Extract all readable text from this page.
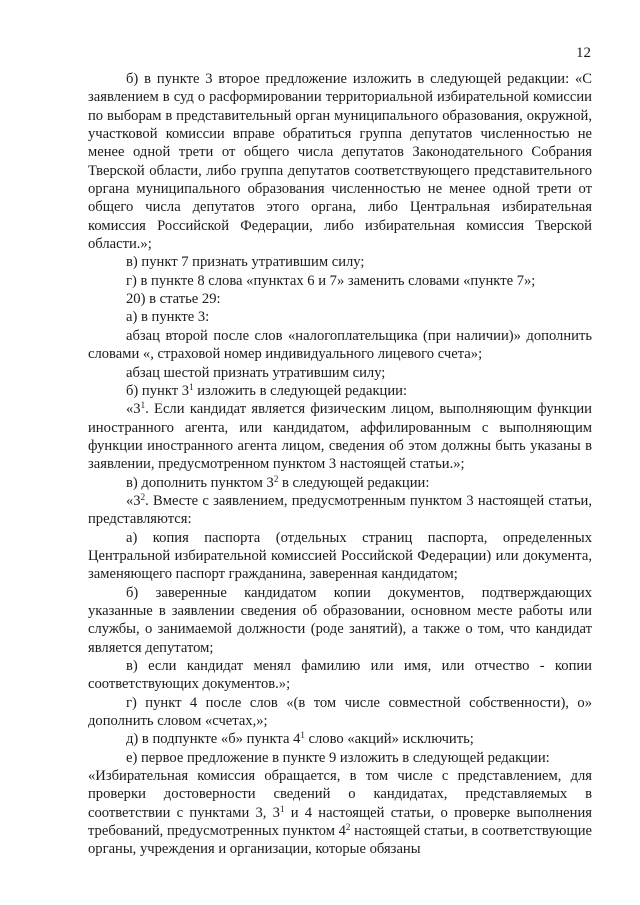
12

б) в пункте 3 второе предложение изложить в следующей редакции: «С заявлением в суд о расформировании территориальной избирательной комиссии по выборам в представительный орган муниципального образования, окружной, участковой комиссии вправе обратиться группа депутатов численностью не менее одной трети от общего числа депутатов Законодательного Собрания Тверской области, либо группа депутатов соответствующего представительного органа муниципального образования численностью не менее одной трети от общего числа депутатов этого органа, либо Центральная избирательная комиссия Российской Федерации, либо избирательная комиссия Тверской области.»;

в) пункт 7 признать утратившим силу;

г) в пункте 8 слова «пунктах 6 и 7» заменить словами «пункте 7»;

20) в статье 29:

а) в пункте 3:

абзац второй после слов «налогоплательщика (при наличии)» дополнить словами «, страховой номер индивидуального лицевого счета»;

абзац шестой признать утратившим силу;

б) пункт $3^1$ изложить в следующей редакции:

«$3^1$. Если кандидат является физическим лицом, выполняющим функции иностранного агента, или кандидатом, аффилированным с выполняющим функции иностранного агента лицом, сведения об этом должны быть указаны в заявлении, предусмотренном пунктом 3 настоящей статьи.»;

в) дополнить пунктом $3^2$ в следующей редакции:

«$3^2$. Вместе с заявлением, предусмотренным пунктом 3 настоящей статьи, представляются:

а) копия паспорта (отдельных страниц паспорта, определенных Центральной избирательной комиссией Российской Федерации) или документа, заменяющего паспорт гражданина, заверенная кандидатом;

б) заверенные кандидатом копии документов, подтверждающих указанные в заявлении сведения об образовании, основном месте работы или службы, о занимаемой должности (роде занятий), а также о том, что кандидат является депутатом;

в) если кандидат менял фамилию или имя, или отчество - копии соответствующих документов.»;

г) пункт 4 после слов «(в том числе совместной собственности), о» дополнить словом «счетах,»;

д) в подпункте «б» пункта $4^1$ слово «акций» исключить;

е) первое предложение в пункте 9 изложить в следующей редакции:

«Избирательная комиссия обращается, в том числе с представлением, для проверки достоверности сведений о кандидатах, представляемых в соответствии с пунктами 3, $3^1$ и 4 настоящей статьи, о проверке выполнения требований, предусмотренных пунктом $4^2$ настоящей статьи, в соответствующие органы, учреждения и организации, которые обязаны
